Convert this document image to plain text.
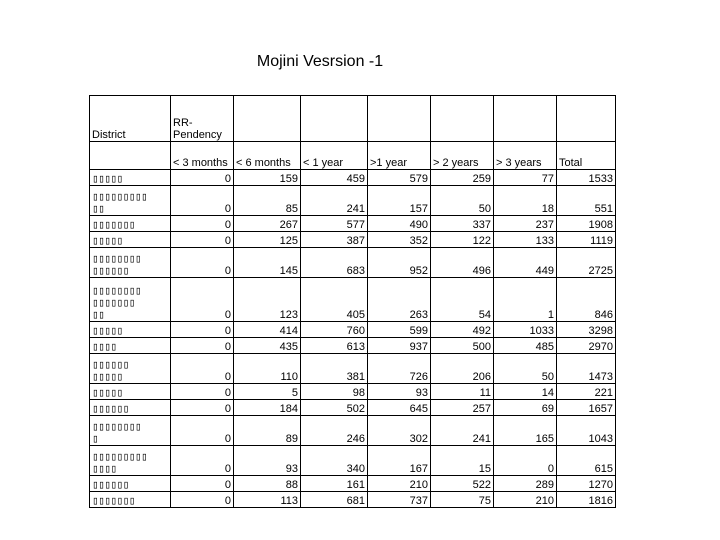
Mojini Vesrsion -1
District	RR-
Pendency						
	< 3 months	< 6 months	< 1 year	>1 year	> 2 years	> 3 years	Total
▯▯▯▯▯	0	159	459	579	259	77	1533
▯▯▯▯▯▯▯▯▯
▯▯	0	85	241	157	50	18	551
▯▯▯▯▯▯▯	0	267	577	490	337	237	1908
▯▯▯▯▯	0	125	387	352	122	133	1119
▯▯▯▯▯▯▯▯
▯▯▯▯▯▯	0	145	683	952	496	449	2725
▯▯▯▯▯▯▯▯
▯▯▯▯▯▯▯
▯▯	0	123	405	263	54	1	846
▯▯▯▯▯	0	414	760	599	492	1033	3298
▯▯▯▯	0	435	613	937	500	485	2970
▯▯▯▯▯▯
▯▯▯▯▯	0	110	381	726	206	50	1473
▯▯▯▯▯	0	5	98	93	11	14	221
▯▯▯▯▯▯	0	184	502	645	257	69	1657
▯▯▯▯▯▯▯▯
▯	0	89	246	302	241	165	1043
▯▯▯▯▯▯▯▯▯
▯▯▯▯	0	93	340	167	15	0	615
▯▯▯▯▯▯	0	88	161	210	522	289	1270
▯▯▯▯▯▯▯	0	113	681	737	75	210	1816
